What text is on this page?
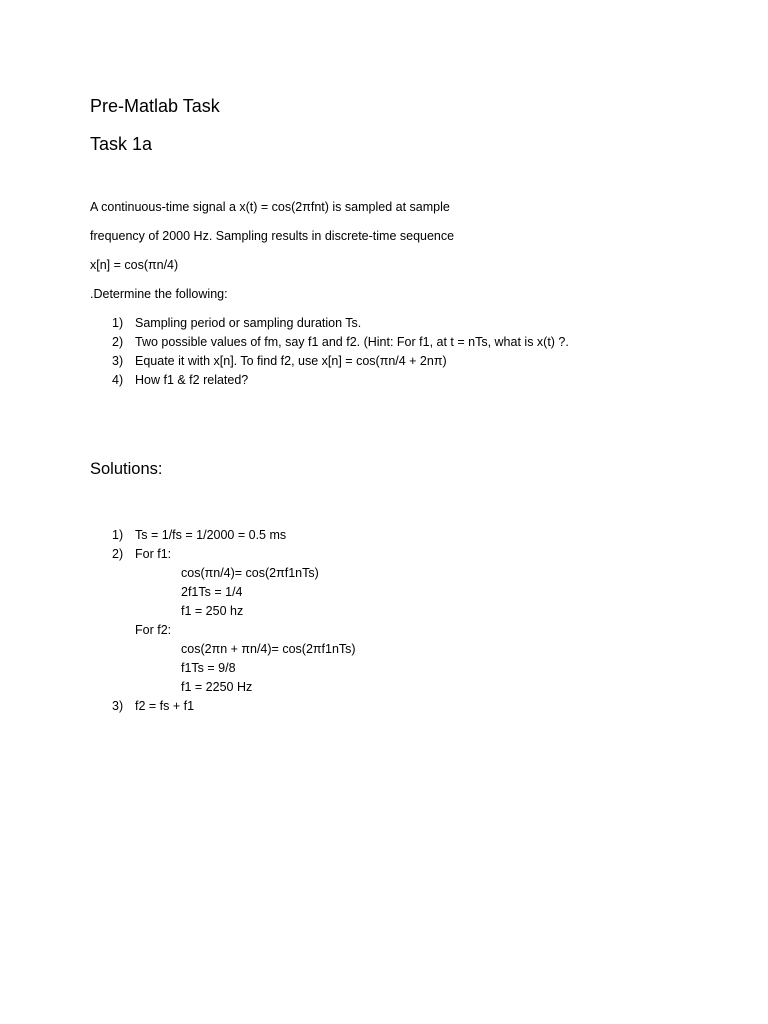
Pre-Matlab Task
Task 1a
A continuous-time signal a x(t) = cos(2πfnt) is sampled at sample
frequency of 2000 Hz. Sampling results in discrete-time sequence
x[n] = cos(πn/4)
.Determine the following:
1) Sampling period or sampling duration Ts.
2) Two possible values of fm, say f1 and f2. (Hint: For f1, at t = nTs, what is x(t) ?.
3) Equate it with x[n]. To find f2, use x[n] = cos(πn/4 + 2nπ)
4) How f1 & f2 related?
Solutions:
1) Ts = 1/fs = 1/2000 = 0.5 ms
2) For f1:
cos(πn/4)= cos(2πf1nTs)
2f1Ts = 1/4
f1 = 250 hz
For f2:
cos(2πn + πn/4)= cos(2πf1nTs)
f1Ts = 9/8
f1 = 2250 Hz
3) f2 = fs + f1
